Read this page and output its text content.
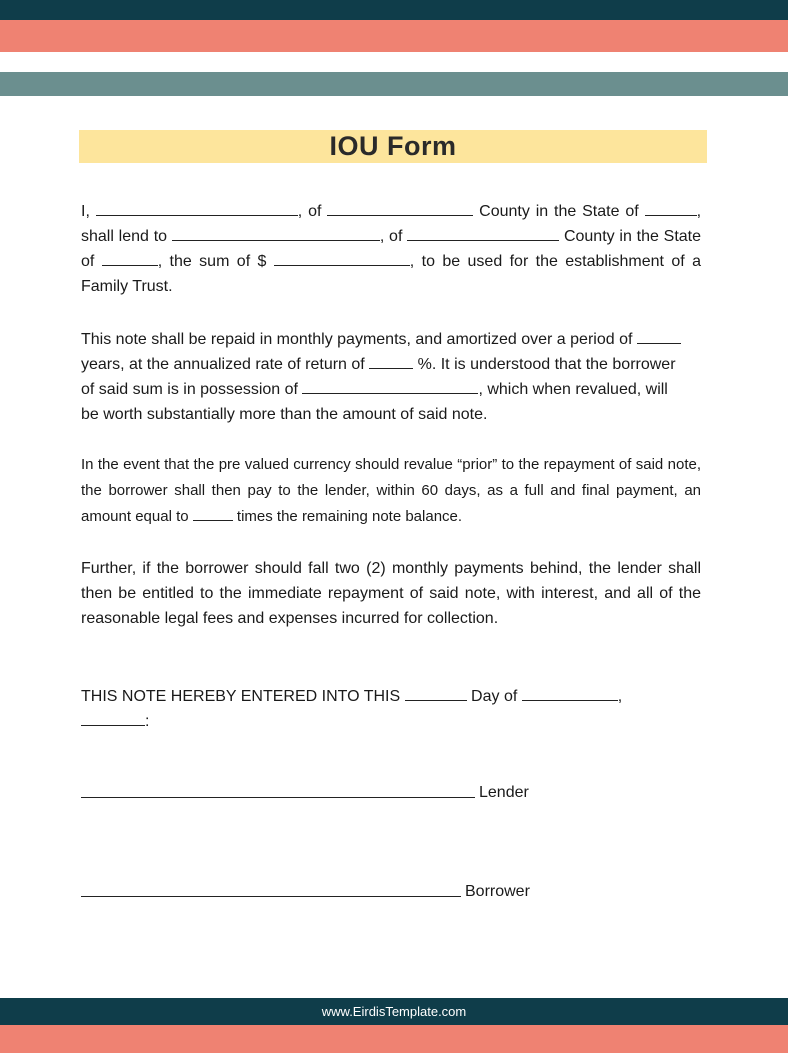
IOU Form

I,	, of	County in the State of	, shall lend to	, of	County in the State of	, the sum of $	, to be used for the establishment of a Family Trust.

This note shall be repaid in monthly payments, and amortized over a period of  years, at the annualized rate of return of	%. It is understood that the borrower of said sum is in possession of	, which when revalued, will be worth substantially more than the amount of said note.

In the event that the pre valued currency should revalue “prior” to the repayment of said note, the borrower shall then pay to the lender, within 60 days, as a full and final payment, an amount equal to	times the remaining note balance.

Further, if the borrower should fall two (2) monthly payments behind, the lender shall then be entitled to the immediate repayment of said note, with interest, and all of the reasonable legal fees and expenses incurred for collection.

THIS NOTE HEREBY ENTERED INTO THIS	Day of	,
:

Lender
Borrower
www.EirdisTemplate.com
